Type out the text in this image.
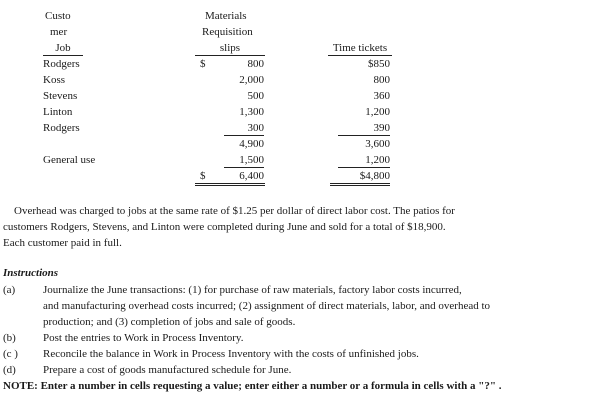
Custo
mer
Job
Materials
Requisition
slips	Time tickets
Rodgers	$	800	$850
Koss	2,000	800
Stevens	500	360
Linton	1,300	1,200
Rodgers	300	390
4,900	3,600
General use	1,500	1,200
$	6,400	$4,800
Overhead was charged to jobs at the same rate of $1.25 per dollar of direct labor cost. The patios for
customers Rodgers, Stevens, and Linton were completed during June and sold for a total of $18,900.
Each customer paid in full.
Instructions
(a)	Journalize the June transactions: (1) for purchase of raw materials, factory labor costs incurred,
and manufacturing overhead costs incurred; (2) assignment of direct materials, labor, and overhead to
production; and (3) completion of jobs and sale of goods.
(b) Post the entries to Work in Process Inventory.
(c ) Reconcile the balance in Work in Process Inventory with the costs of unfinished jobs.
(d) Prepare a cost of goods manufactured schedule for June.
NOTE: Enter a number in cells requesting a value; enter either a number or a formula in cells with a "?" .
